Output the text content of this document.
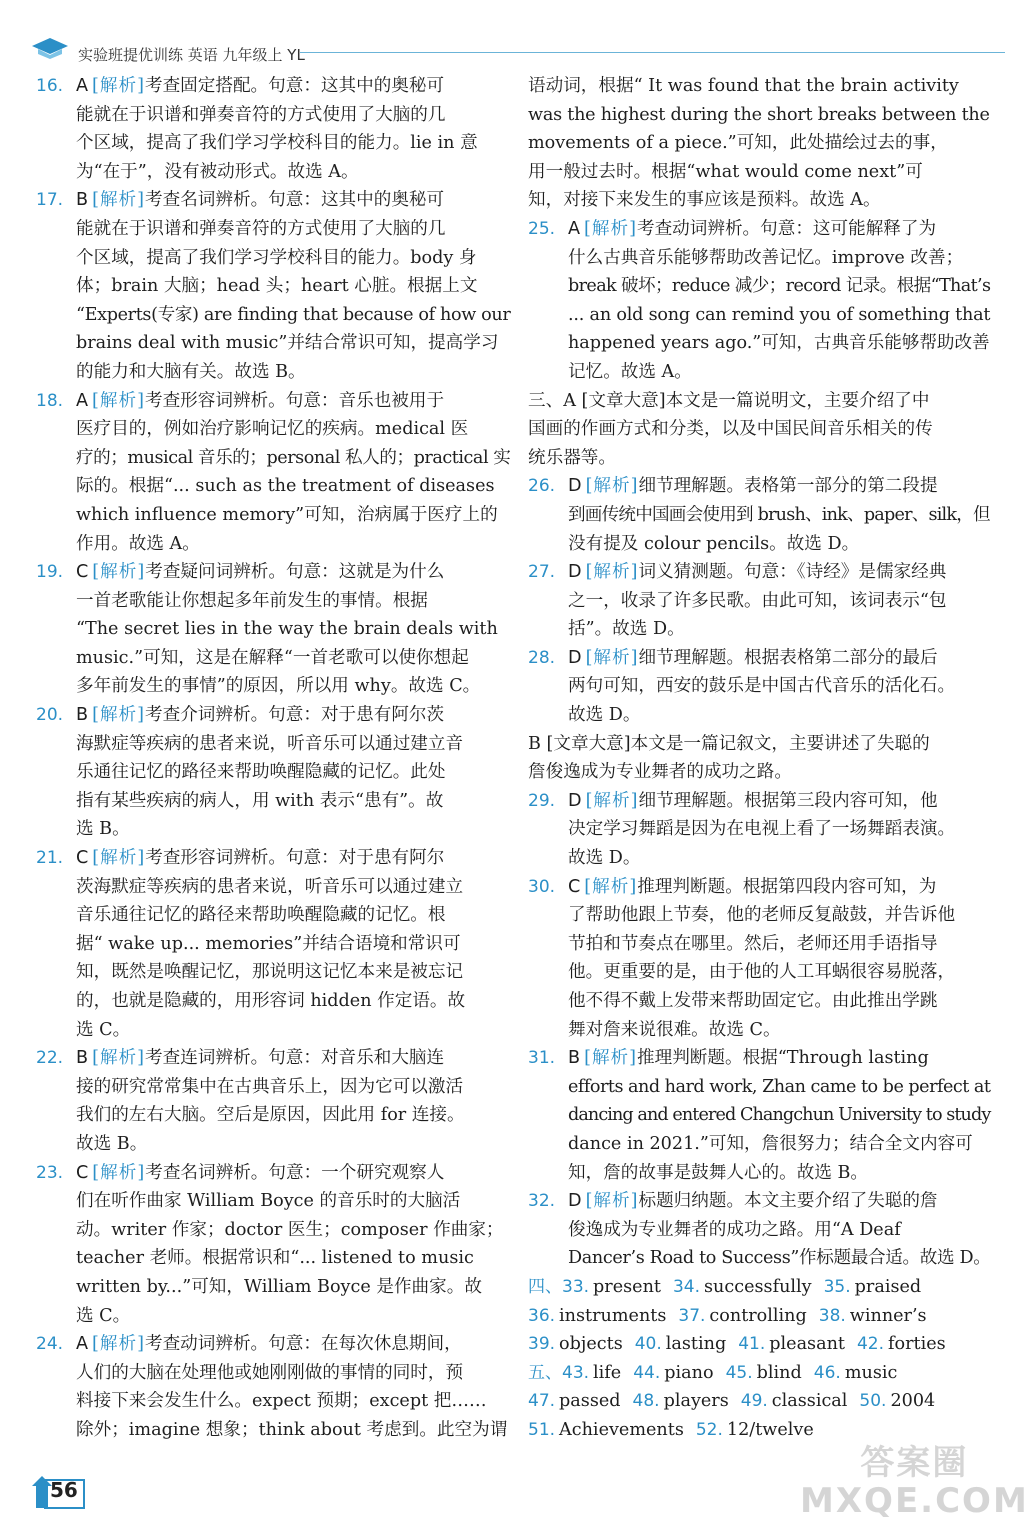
实验班提优训练 英语 九年级上 YL
16. A [解析]考查固定搭配。句意：这其中的奥秘可
能就在于识谱和弹奏音符的方式使用了大脑的几
个区域，提高了我们学习学校科目的能力。lie in 意
为“在于”，没有被动形式。故选 A。
17. B [解析]考查名词辨析。句意：这其中的奥秘可
能就在于识谱和弹奏音符的方式使用了大脑的几
个区域，提高了我们学习学校科目的能力。body 身
体；brain 大脑；head 头；heart 心脏。根据上文
“Experts(专家) are finding that because of how our
brains deal with music”并结合常识可知，提高学习
的能力和大脑有关。故选 B。
18. A [解析]考查形容词辨析。句意：音乐也被用于
医疗目的，例如治疗影响记忆的疾病。medical 医
疗的；musical 音乐的；personal 私人的；practical 实
际的。根据“... such as the treatment of diseases
which influence memory”可知，治病属于医疗上的
作用。故选 A。
19. C [解析]考查疑问词辨析。句意：这就是为什么
一首老歌能让你想起多年前发生的事情。根据
“The secret lies in the way the brain deals with
music.”可知，这是在解释“一首老歌可以使你想起
多年前发生的事情”的原因，所以用 why。故选 C。
20. B [解析]考查介词辨析。句意：对于患有阿尔茨
海默症等疾病的患者来说，听音乐可以通过建立音
乐通往记忆的路径来帮助唤醒隐藏的记忆。此处
指有某些疾病的病人，用 with 表示“患有”。故
选 B。
21. C [解析]考查形容词辨析。句意：对于患有阿尔
茨海默症等疾病的患者来说，听音乐可以通过建立
音乐通往记忆的路径来帮助唤醒隐藏的记忆。根
据“ wake up... memories”并结合语境和常识可
知，既然是唤醒记忆，那说明这记忆本来是被忘记
的，也就是隐藏的，用形容词 hidden 作定语。故
选 C。
22. B [解析]考查连词辨析。句意：对音乐和大脑连
接的研究常常集中在古典音乐上，因为它可以激活
我们的左右大脑。空后是原因，因此用 for 连接。
故选 B。
23. C [解析]考查名词辨析。句意：一个研究观察人
们在听作曲家 William Boyce 的音乐时的大脑活
动。writer 作家；doctor 医生；composer 作曲家；
teacher 老师。根据常识和“... listened to music
written by...”可知，William Boyce 是作曲家。故
选 C。
24. A [解析]考查动词辨析。句意：在每次休息期间，
人们的大脑在处理他或她刚刚做的事情的同时，预
料接下来会发生什么。expect 预期；except 把……
除外；imagine 想象；think about 考虑到。此空为谓
语动词，根据“ It was found that the brain activity
was the highest during the short breaks between the
movements of a piece.”可知，此处描绘过去的事，
用一般过去时。根据“what would come next”可
知，对接下来发生的事应该是预料。故选 A。
25. A [解析]考查动词辨析。句意：这可能解释了为
什么古典音乐能够帮助改善记忆。improve 改善；
break 破坏；reduce 减少；record 记录。根据“That’s
... an old song can remind you of something that
happened years ago.”可知，古典音乐能够帮助改善
记忆。故选 A。
三、A [文章大意]本文是一篇说明文，主要介绍了中
国画的作画方式和分类，以及中国民间音乐相关的传
统乐器等。
26. D [解析]细节理解题。表格第一部分的第二段提
到画传统中国画会使用到 brush、ink、paper、silk，但
没有提及 colour pencils。故选 D。
27. D [解析]词义猜测题。句意：《诗经》是儒家经典
之一，收录了许多民歌。由此可知，该词表示“包
括”。故选 D。
28. D [解析]细节理解题。根据表格第二部分的最后
两句可知，西安的鼓乐是中国古代音乐的活化石。
故选 D。
B [文章大意]本文是一篇记叙文，主要讲述了失聪的
詹俊逸成为专业舞者的成功之路。
29. D [解析]细节理解题。根据第三段内容可知，他
决定学习舞蹈是因为在电视上看了一场舞蹈表演。
故选 D。
30. C [解析]推理判断题。根据第四段内容可知，为
了帮助他跟上节奏，他的老师反复敲鼓，并告诉他
节拍和节奏点在哪里。然后，老师还用手语指导
他。更重要的是，由于他的人工耳蜗很容易脱落，
他不得不戴上发带来帮助固定它。由此推出学跳
舞对詹来说很难。故选 C。
31. B [解析]推理判断题。根据“Through lasting
efforts and hard work, Zhan came to be perfect at
dancing and entered Changchun University to study
dance in 2021.”可知，詹很努力；结合全文内容可
知，詹的故事是鼓舞人心的。故选 B。
32. D [解析]标题归纳题。本文主要介绍了失聪的詹
俊逸成为专业舞者的成功之路。用“A Deaf
Dancer’s Road to Success”作标题最合适。故选 D。
四、33. present 34. successfully 35. praised
36. instruments 37. controlling 38. winner’s
39. objects 40. lasting 41. pleasant 42. forties
五、43. life 44. piano 45. blind 46. music
47. passed 48. players 49. classical 50. 2004
51. Achievements 52. 12/twelve
56
答案圈
MXQE.COM
